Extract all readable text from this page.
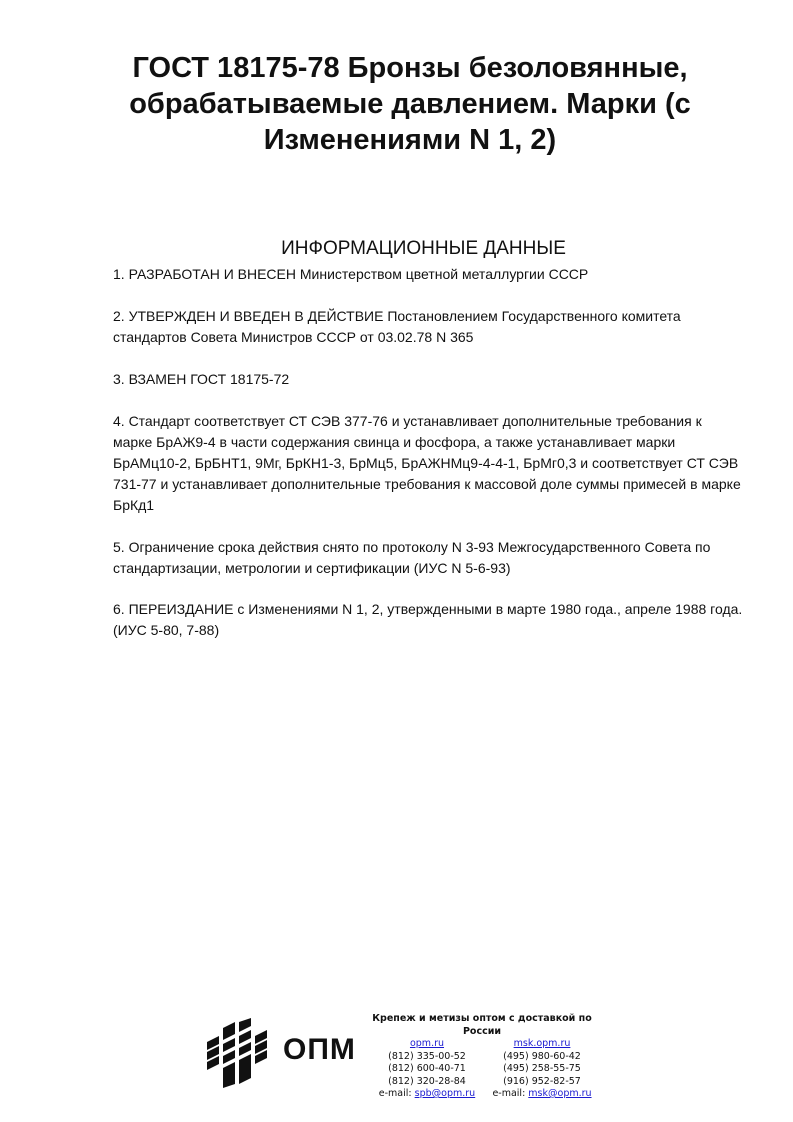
ГОСТ 18175-78 Бронзы безоловянные, обрабатываемые давлением. Марки (с Изменениями N 1, 2)
ИНФОРМАЦИОННЫЕ ДАННЫЕ
1. РАЗРАБОТАН И ВНЕСЕН Министерством цветной металлургии СССР
2. УТВЕРЖДЕН И ВВЕДЕН В ДЕЙСТВИЕ Постановлением Государственного комитета стандартов Совета Министров СССР от 03.02.78 N 365
3. ВЗАМЕН ГОСТ 18175-72
4. Стандарт соответствует СТ СЭВ 377-76 и устанавливает дополнительные требования к марке БрАЖ9-4 в части содержания свинца и фосфора, а также устанавливает марки БрАМц10-2, БрБНТ1, 9Мг, БрКН1-3, БрМц5, БрАЖНМц9-4-4-1, БрМг0,3 и соответствует СТ СЭВ 731-77 и устанавливает дополнительные требования к массовой доле суммы примесей в марке БрКд1
5. Ограничение срока действия снято по протоколу N 3-93 Межгосударственного Совета по стандартизации, метрологии и сертификации (ИУС N 5-6-93)
6. ПЕРЕИЗДАНИЕ с Изменениями N 1, 2, утвержденными в марте 1980 года., апреле 1988 года. (ИУС 5-80, 7-88)
ОПМ
Крепеж и метизы оптом с доставкой по России
opm.ru
(812) 335-00-52
(812) 600-40-71
(812) 320-28-84
e-mail: spb@opm.ru
msk.opm.ru
(495) 980-60-42
(495) 258-55-75
(916) 952-82-57
e-mail: msk@opm.ru
